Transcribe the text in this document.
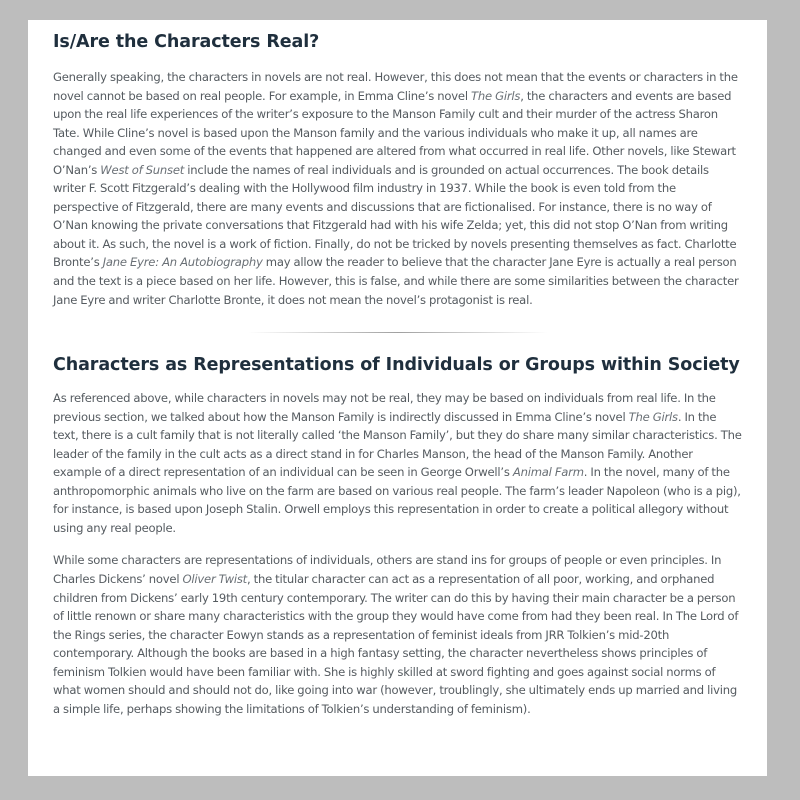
Is/Are the Characters Real?

Generally speaking, the characters in novels are not real. However, this does not mean that the events or characters in the novel cannot be based on real people. For example, in Emma Cline’s novel The Girls, the characters and events are based upon the real life experiences of the writer’s exposure to the Manson Family cult and their murder of the actress Sharon Tate. While Cline’s novel is based upon the Manson family and the various individuals who make it up, all names are changed and even some of the events that happened are altered from what occurred in real life. Other novels, like Stewart O’Nan’s West of Sunset include the names of real individuals and is grounded on actual occurrences. The book details writer F. Scott Fitzgerald’s dealing with the Hollywood film industry in 1937. While the book is even told from the perspective of Fitzgerald, there are many events and discussions that are fictionalised. For instance, there is no way of O’Nan knowing the private conversations that Fitzgerald had with his wife Zelda; yet, this did not stop O’Nan from writing about it. As such, the novel is a work of fiction. Finally, do not be tricked by novels presenting themselves as fact. Charlotte Bronte’s Jane Eyre: An Autobiography may allow the reader to believe that the character Jane Eyre is actually a real person and the text is a piece based on her life. However, this is false, and while there are some similarities between the character Jane Eyre and writer Charlotte Bronte, it does not mean the novel’s protagonist is real.

Characters as Representations of Individuals or Groups within Society

As referenced above, while characters in novels may not be real, they may be based on individuals from real life. In the previous section, we talked about how the Manson Family is indirectly discussed in Emma Cline’s novel The Girls. In the text, there is a cult family that is not literally called ‘the Manson Family’, but they do share many similar characteristics. The leader of the family in the cult acts as a direct stand in for Charles Manson, the head of the Manson Family. Another example of a direct representation of an individual can be seen in George Orwell’s Animal Farm. In the novel, many of the anthropomorphic animals who live on the farm are based on various real people. The farm’s leader Napoleon (who is a pig), for instance, is based upon Joseph Stalin. Orwell employs this representation in order to create a political allegory without using any real people.

While some characters are representations of individuals, others are stand ins for groups of people or even principles. In Charles Dickens’ novel Oliver Twist, the titular character can act as a representation of all poor, working, and orphaned children from Dickens’ early 19th century contemporary. The writer can do this by having their main character be a person of little renown or share many characteristics with the group they would have come from had they been real. In The Lord of the Rings series, the character Eowyn stands as a representation of feminist ideals from JRR Tolkien’s mid-20th contemporary. Although the books are based in a high fantasy setting, the character nevertheless shows principles of feminism Tolkien would have been familiar with. She is highly skilled at sword fighting and goes against social norms of what women should and should not do, like going into war (however, troublingly, she ultimately ends up married and living a simple life, perhaps showing the limitations of Tolkien’s understanding of feminism).
